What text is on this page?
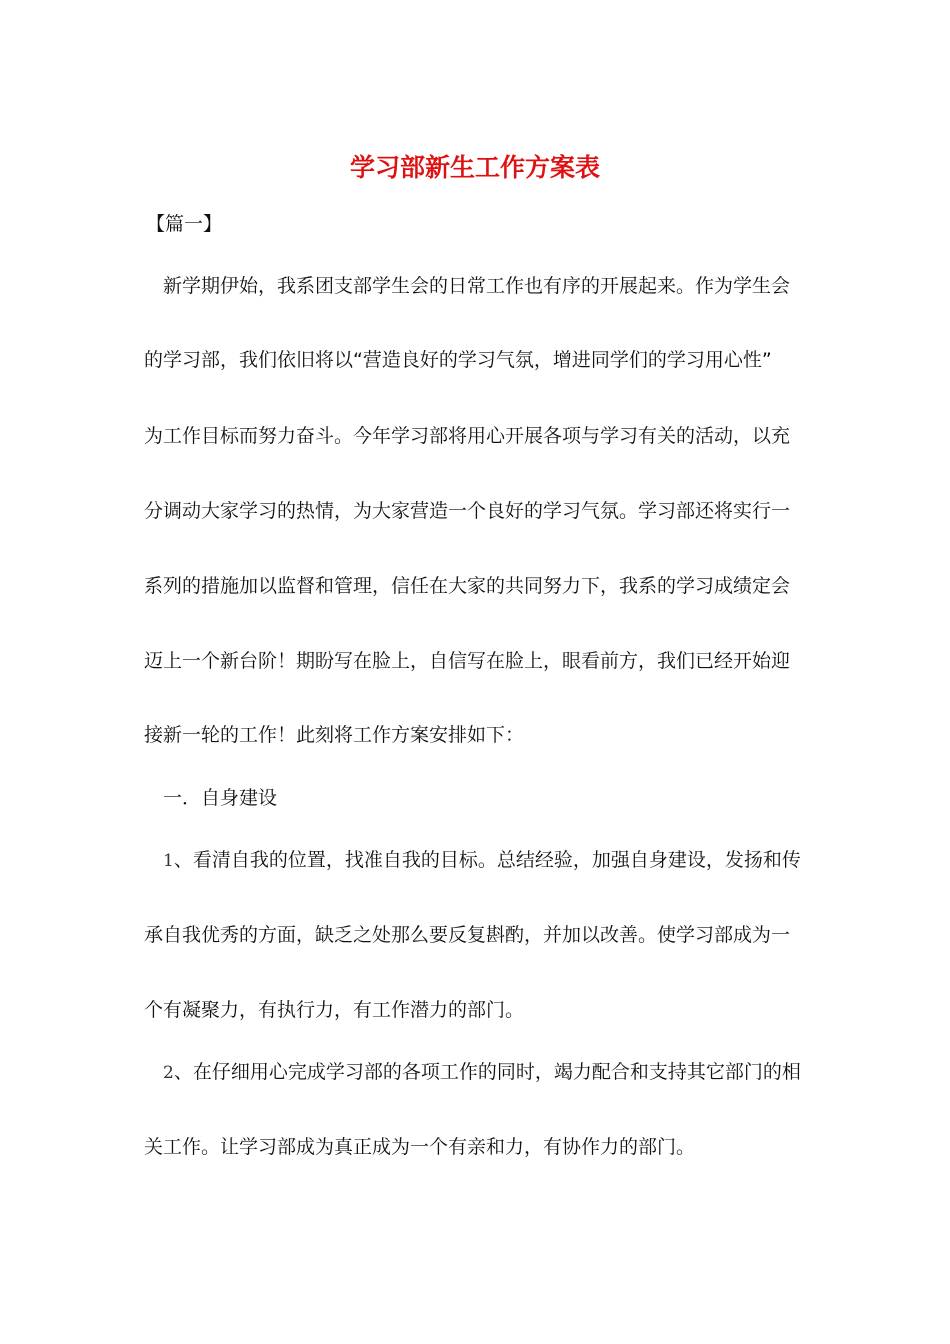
学习部新生工作方案表

【篇一】

新学期伊始，我系团支部学生会的日常工作也有序的开展起来。作为学生会

的学习部，我们依旧将以“营造良好的学习气氛，增进同学们的学习用心性”

为工作目标而努力奋斗。今年学习部将用心开展各项与学习有关的活动，以充

分调动大家学习的热情，为大家营造一个良好的学习气氛。学习部还将实行一

系列的措施加以监督和管理，信任在大家的共同努力下，我系的学习成绩定会

迈上一个新台阶！期盼写在脸上，自信写在脸上，眼看前方，我们已经开始迎

接新一轮的工作！此刻将工作方案安排如下：

一．自身建设

1、看清自我的位置，找准自我的目标。总结经验，加强自身建设，发扬和传

承自我优秀的方面，缺乏之处那么要反复斟酌，并加以改善。使学习部成为一

个有凝聚力，有执行力，有工作潜力的部门。

2、在仔细用心完成学习部的各项工作的同时，竭力配合和支持其它部门的相

关工作。让学习部成为真正成为一个有亲和力，有协作力的部门。
